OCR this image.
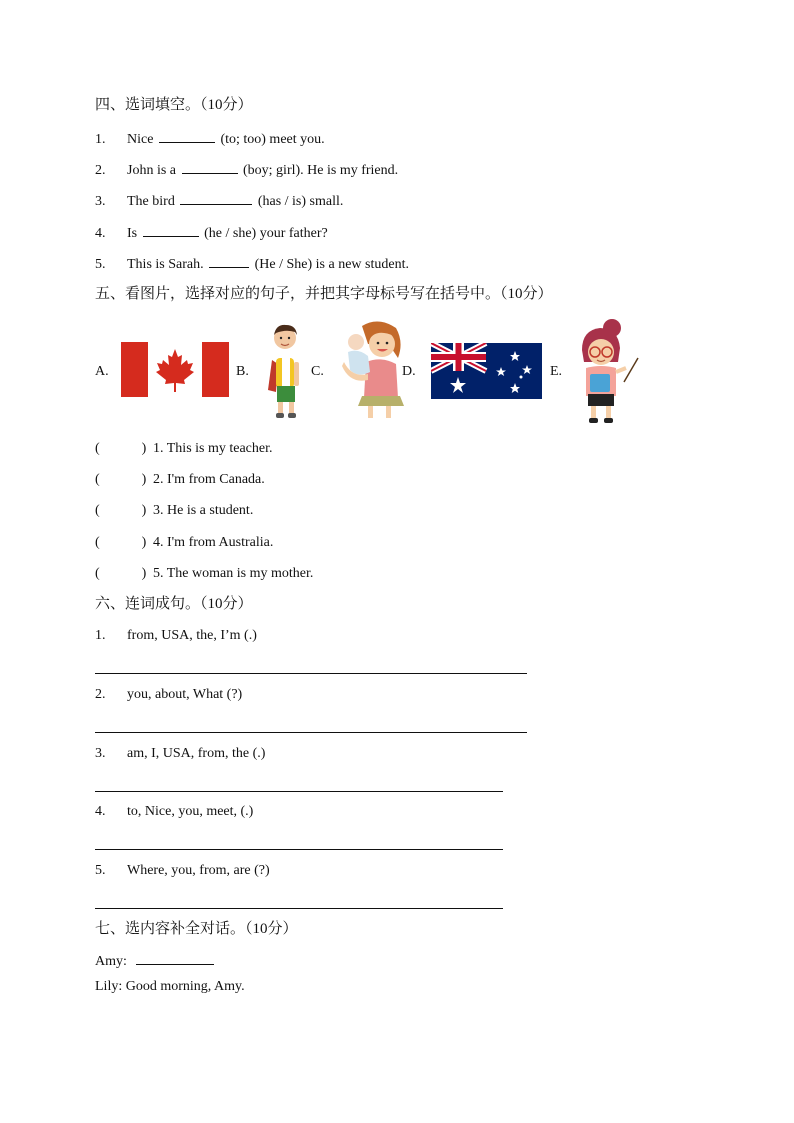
四、选词填空。（10分）
1. Nice	(to; too) meet you.
2. John is a	(boy; girl). He is my friend.
3. The bird	(has / is) small.
4. Is	(he / she) your father?
5. This is Sarah.	(He / She) is a new student.
五、看图片，选择对应的句子，并把其字母标号写在括号中。（10分）
A.	B.	C.	D.	E.
(	) 1. This is my teacher.
(	) 2. I'm from Canada.
(	) 3. He is a student.
(	) 4. I'm from Australia.
(	) 5. The woman is my mother.
六、连词成句。（10分）
1. from, USA, the, I’m (.)
2. you, about, What (?)
3. am, I, USA, from, the (.)
4. to, Nice, you, meet, (.)
5. Where, you, from, are (?)
七、选内容补全对话。（10分）
Amy:
Lily: Good morning, Amy.
